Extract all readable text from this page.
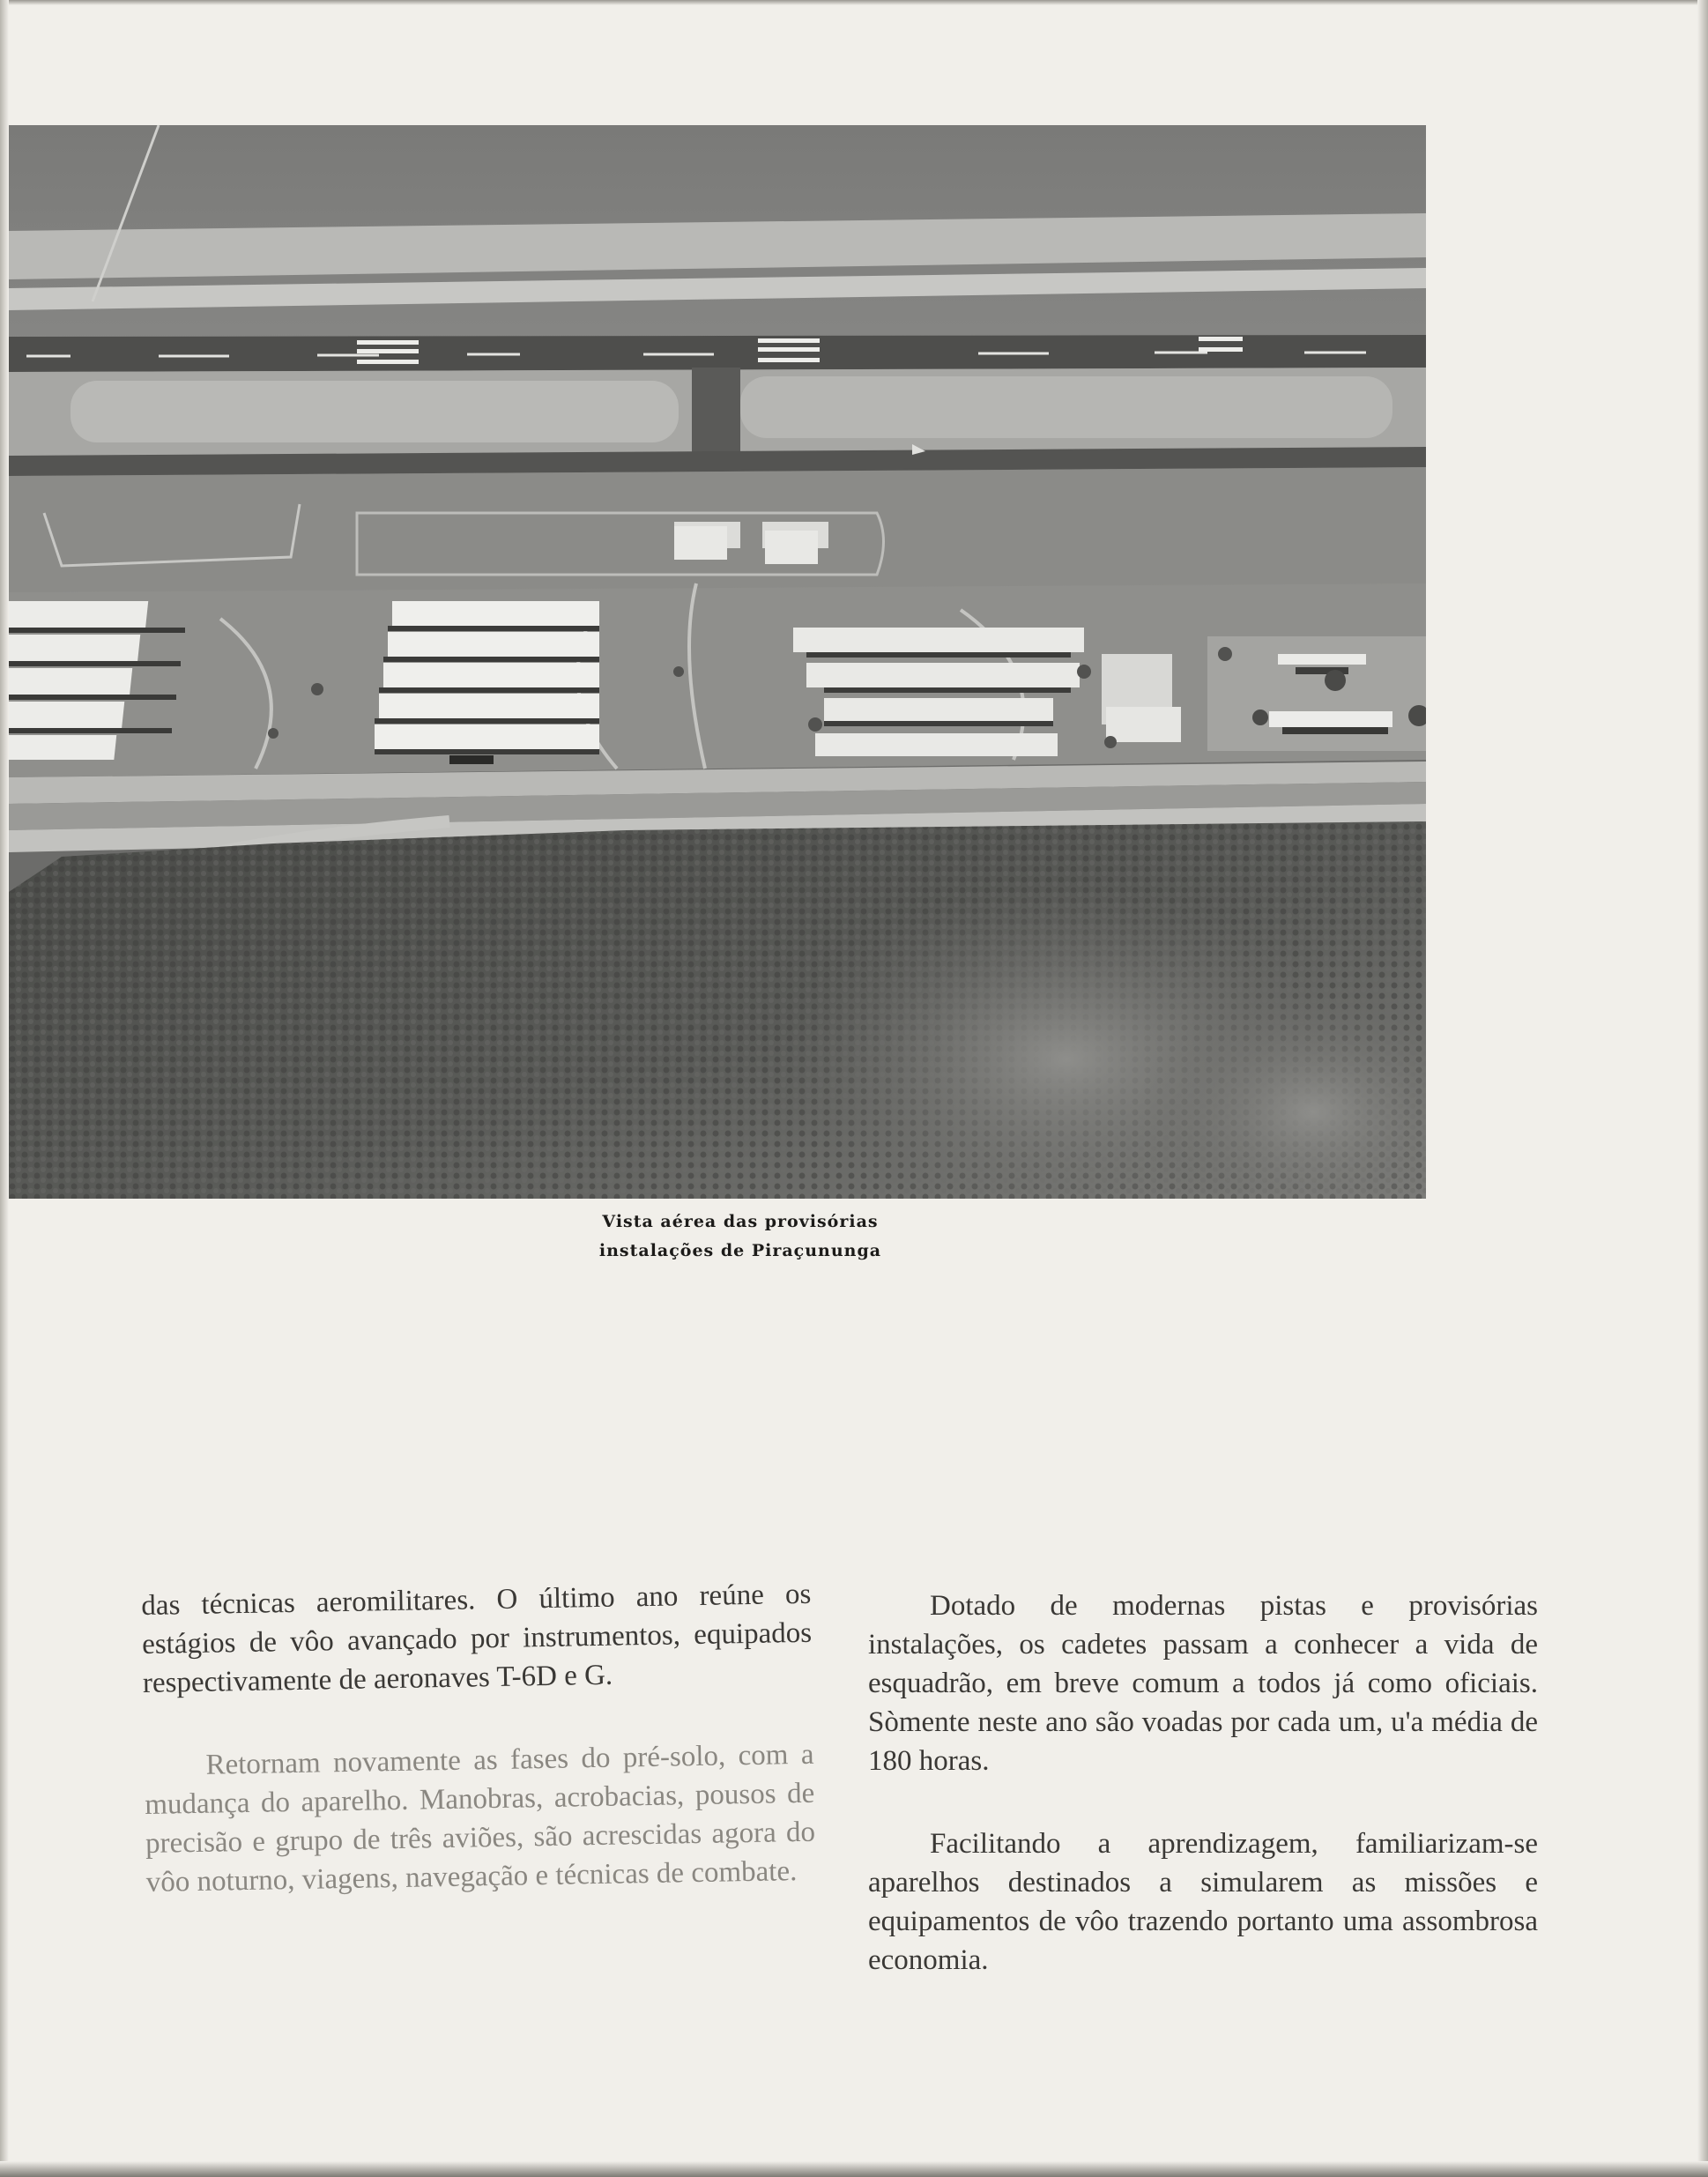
Vista aérea das provisórias
instalações de Piraçununga

das técnicas aeromilitares. O último ano reúne os estágios de vôo avançado por instrumentos, equipados respectivamente de aeronaves T-6D e G.

Retornam novamente as fases do pré-solo, com a mudança do aparelho. Manobras, acrobacias, pousos de precisão e grupo de três aviões, são acrescidas agora do vôo noturno, viagens, navegação e técnicas de combate.

Dotado de modernas pistas e provisórias instalações, os cadetes passam a conhecer a vida de esquadrão, em breve comum a todos já como oficiais. Sòmente neste ano são voadas por cada um, u'a média de 180 horas.

Facilitando a aprendizagem, familiarizam-se aparelhos destinados a simularem as missões e equipamentos de vôo trazendo portanto uma assombrosa economia.
